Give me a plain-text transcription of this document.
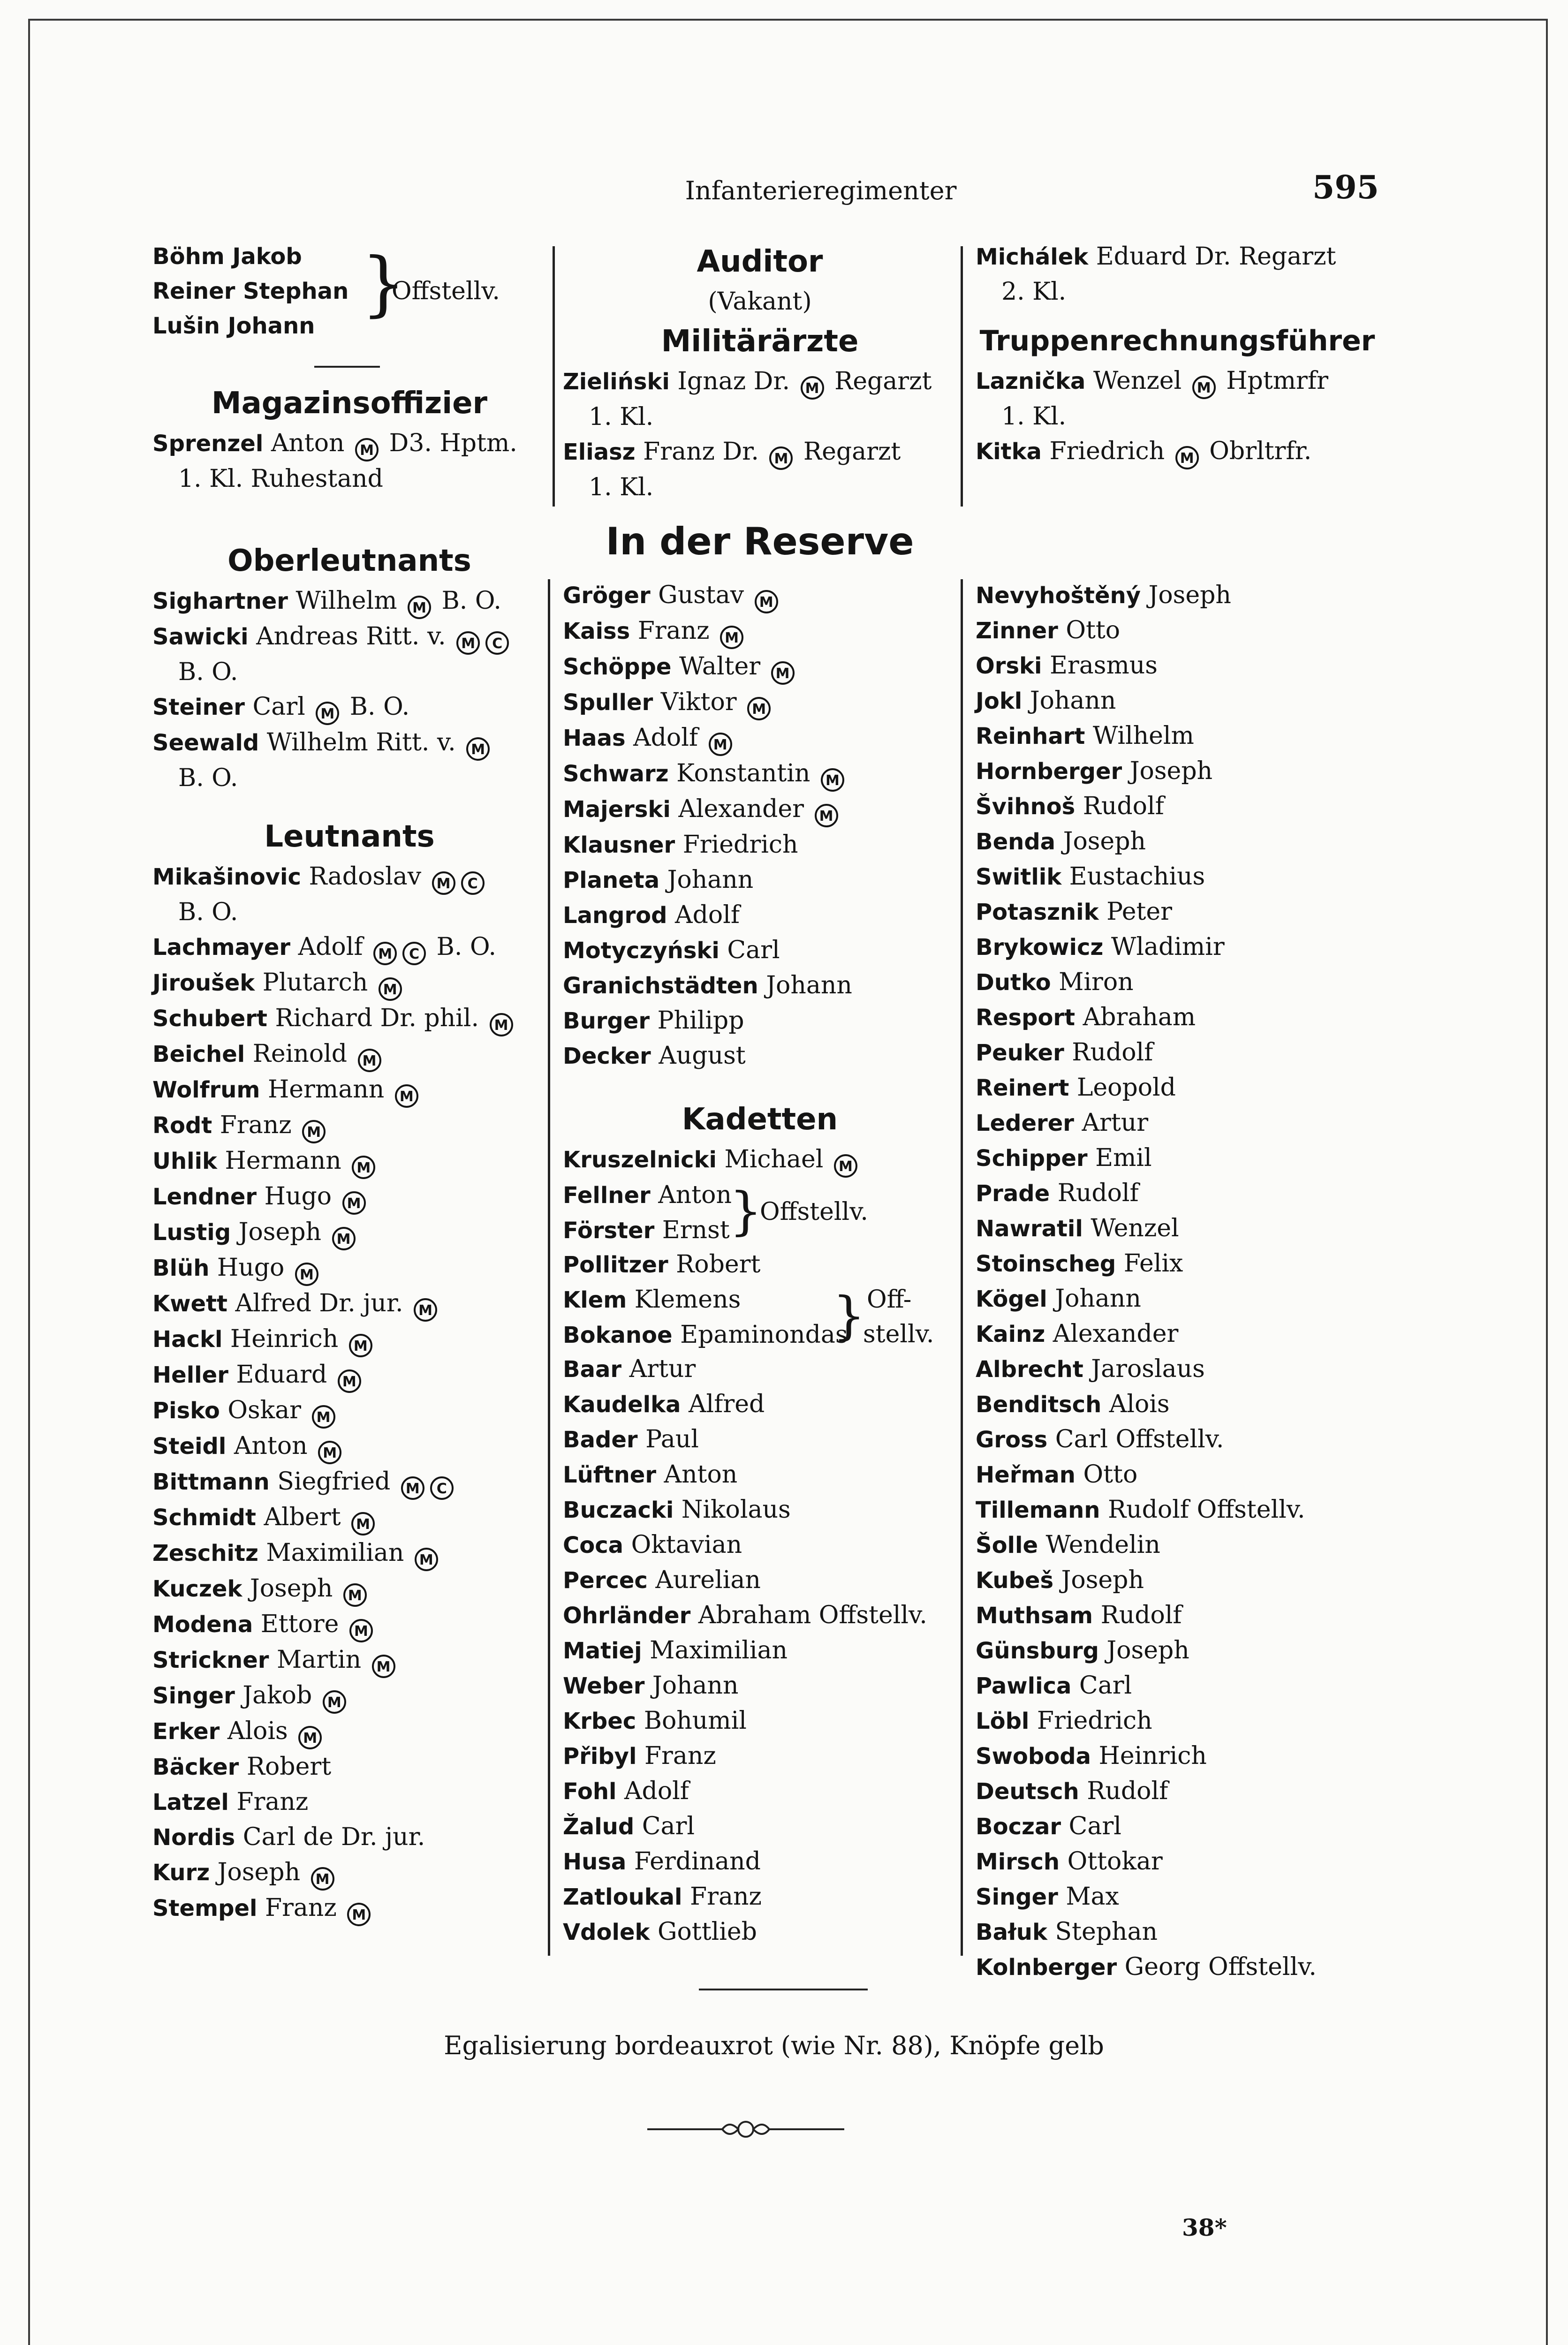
Infanterieregimenter	595
Böhm Jakob
Reiner Stephan
Lušin Johann
}
Offstellv.
Magazinsoffizier
Sprenzel Anton M D3. Hptm.
1. Kl. Ruhestand
Oberleutnants
Sighartner Wilhelm M B. O.
Sawicki Andreas Ritt. v. M C
B. O.
Steiner Carl M B. O.
Seewald Wilhelm Ritt. v. M
B. O.
Leutnants
Mikašinovic Radoslav M C
B. O.
Lachmayer Adolf M C B. O.
Jiroušek Plutarch M
Schubert Richard Dr. phil. M
Beichel Reinold M
Wolfrum Hermann M
Rodt Franz M
Uhlik Hermann M
Lendner Hugo M
Lustig Joseph M
Blüh Hugo M
Kwett Alfred Dr. jur. M
Hackl Heinrich M
Heller Eduard M
Pisko Oskar M
Steidl Anton M
Bittmann Siegfried M C
Schmidt Albert M
Zeschitz Maximilian M
Kuczek Joseph M
Modena Ettore M
Strickner Martin M
Singer Jakob M
Erker Alois M
Bäcker Robert
Latzel Franz
Nordis Carl de Dr. jur.
Kurz Joseph M
Stempel Franz M
Auditor
(Vakant)
Militärärzte
Zieliński Ignaz Dr. M Regarzt
1. Kl.
Eliasz Franz Dr. M Regarzt
1. Kl.
In der Reserve
Gröger Gustav M
Kaiss Franz M
Schöppe Walter M
Spuller Viktor M
Haas Adolf M
Schwarz Konstantin M
Majerski Alexander M
Klausner Friedrich
Planeta Johann
Langrod Adolf
Motyczyński Carl
Granichstädten Johann
Burger Philipp
Decker August
Kadetten
Kruszelnicki Michael M
Fellner Anton
Förster Ernst }
Offstellv.
Pollitzer Robert
Klem Klemens
Bokanoe Epaminondas
} Off-
stellv.
Baar Artur
Kaudelka Alfred
Bader Paul
Lüftner Anton
Buczacki Nikolaus
Coca Oktavian
Percec Aurelian
Ohrländer Abraham Offstellv.
Matiej Maximilian
Weber Johann
Krbec Bohumil
Přibyl Franz
Fohl Adolf
Žalud Carl
Husa Ferdinand
Zatloukal Franz
Vdolek Gottlieb
Michálek Eduard Dr. Regarzt
2. Kl.
Truppenrechnungsführer
Laznička Wenzel M Hptmrfr
1. Kl.
Kitka Friedrich M Obrltrfr.
Nevyhoštěný Joseph
Zinner Otto
Orski Erasmus
Jokl Johann
Reinhart Wilhelm
Hornberger Joseph
Švihnoš Rudolf
Benda Joseph
Switlik Eustachius
Potasznik Peter
Brykowicz Wladimir
Dutko Miron
Resport Abraham
Peuker Rudolf
Reinert Leopold
Lederer Artur
Schipper Emil
Prade Rudolf
Nawratil Wenzel
Stoinscheg Felix
Kögel Johann
Kainz Alexander
Albrecht Jaroslaus
Benditsch Alois
Gross Carl Offstellv.
Heřman Otto
Tillemann Rudolf Offstellv.
Šolle Wendelin
Kubeš Joseph
Muthsam Rudolf
Günsburg Joseph
Pawlica Carl
Löbl Friedrich
Swoboda Heinrich
Deutsch Rudolf
Boczar Carl
Mirsch Ottokar
Singer Max
Bałuk Stephan
Kolnberger Georg Offstellv.
Egalisierung bordeauxrot (wie Nr. 88), Knöpfe gelb
38*
